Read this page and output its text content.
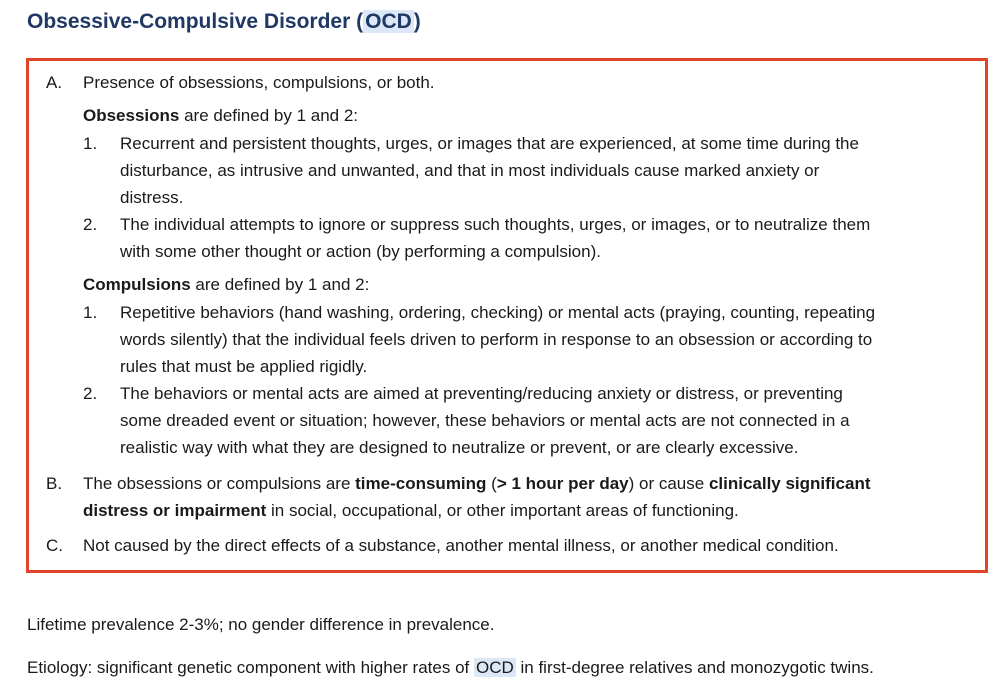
Obsessive-Compulsive Disorder (OCD)
A. Presence of obsessions, compulsions, or both.
Obsessions are defined by 1 and 2:
1. Recurrent and persistent thoughts, urges, or images that are experienced, at some time during the
disturbance, as intrusive and unwanted, and that in most individuals cause marked anxiety or
distress.
2. The individual attempts to ignore or suppress such thoughts, urges, or images, or to neutralize them
with some other thought or action (by performing a compulsion).
Compulsions are defined by 1 and 2:
1. Repetitive behaviors (hand washing, ordering, checking) or mental acts (praying, counting, repeating
words silently) that the individual feels driven to perform in response to an obsession or according to
rules that must be applied rigidly.
2. The behaviors or mental acts are aimed at preventing/reducing anxiety or distress, or preventing
some dreaded event or situation; however, these behaviors or mental acts are not connected in a
realistic way with what they are designed to neutralize or prevent, or are clearly excessive.
B. The obsessions or compulsions are time-consuming (> 1 hour per day) or cause clinically significant
distress or impairment in social, occupational, or other important areas of functioning.
C. Not caused by the direct effects of a substance, another mental illness, or another medical condition.
Lifetime prevalence 2-3%; no gender difference in prevalence.
Etiology: significant genetic component with higher rates of OCD in first-degree relatives and monozygotic twins.
